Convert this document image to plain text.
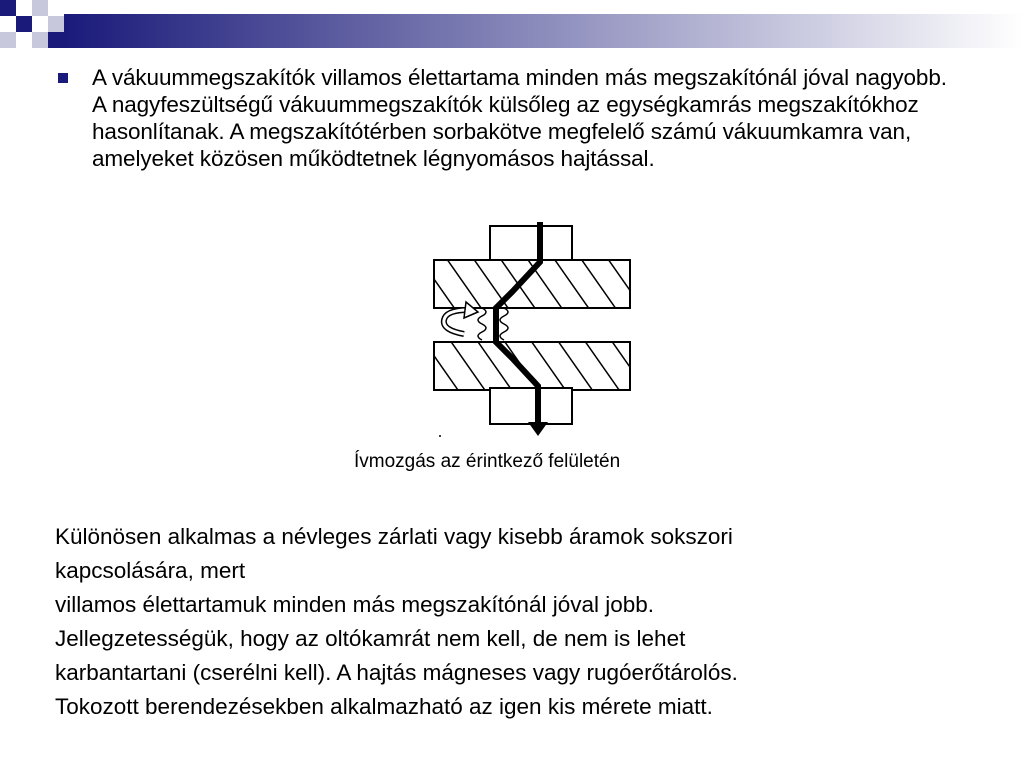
A vákuummegszakítók villamos élettartama minden más megszakítónál jóval nagyobb. A nagyfeszültségű vákuummegszakítók külsőleg az egységkamrás megszakítókhoz hasonlítanak. A megszakítótérben sorbakötve megfelelő számú vákuumkamra van, amelyeket közösen működtetnek légnyomásos hajtással.
Ívmozgás az érintkező felületén
Különösen alkalmas a névleges zárlati vagy kisebb áramok sokszori
kapcsolására, mert
villamos élettartamuk minden más megszakítónál jóval jobb.
Jellegzetességük, hogy az oltókamrát nem kell, de nem is lehet
karbantartani (cserélni kell). A hajtás mágneses vagy rugóerőtárolós.
Tokozott berendezésekben alkalmazható az igen kis mérete miatt.
